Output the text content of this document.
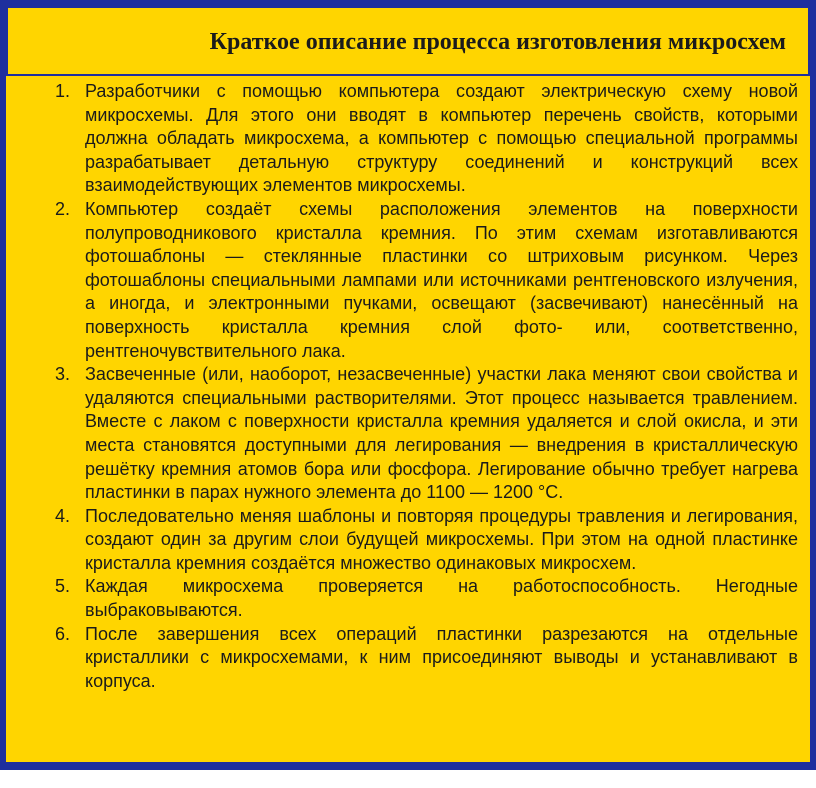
1. Разработчики с помощью компьютера создают электрическую схему новой микросхемы. Для этого они вводят в компьютер перечень свойств, которыми должна обладать микросхема, а компьютер с помощью специальной программы разрабатывает детальную структуру соединений и конструкций всех взаимодействующих элементов микросхемы.
2. Компьютер создаёт схемы расположения элементов на поверхности полупроводникового кристалла кремния. По этим схемам изготавливаются фотошаблоны — стеклянные пластинки со штриховым рисунком. Через фотошаблоны специальными лампами или источниками рентгеновского излучения, а иногда, и электронными пучками, освещают (засвечивают) нанесённый на поверхность кристалла кремния слой фото- или, соответственно, рентгеночувствительного лака.
3. Засвеченные (или, наоборот, незасвеченные) участки лака меняют свои свойства и удаляются специальными растворителями. Этот процесс называется травлением. Вместе с лаком с поверхности кристалла кремния удаляется и слой окисла, и эти места становятся доступными для легирования — внедрения в кристаллическую решётку кремния атомов бора или фосфора. Легирование обычно требует нагрева пластинки в парах нужного элемента до 1100 — 1200 °C.
4. Последовательно меняя шаблоны и повторяя процедуры травления и легирования, создают один за другим слои будущей микросхемы. При этом на одной пластинке кристалла кремния создаётся множество одинаковых микросхем.
5. Каждая микросхема проверяется на работоспособность. Негодные выбраковываются.
6. После завершения всех операций пластинки разрезаются на отдельные кристаллики с микросхемами, к ним присоединяют выводы и устанавливают в корпуса.
Краткое описание процесса изготовления микросхем
